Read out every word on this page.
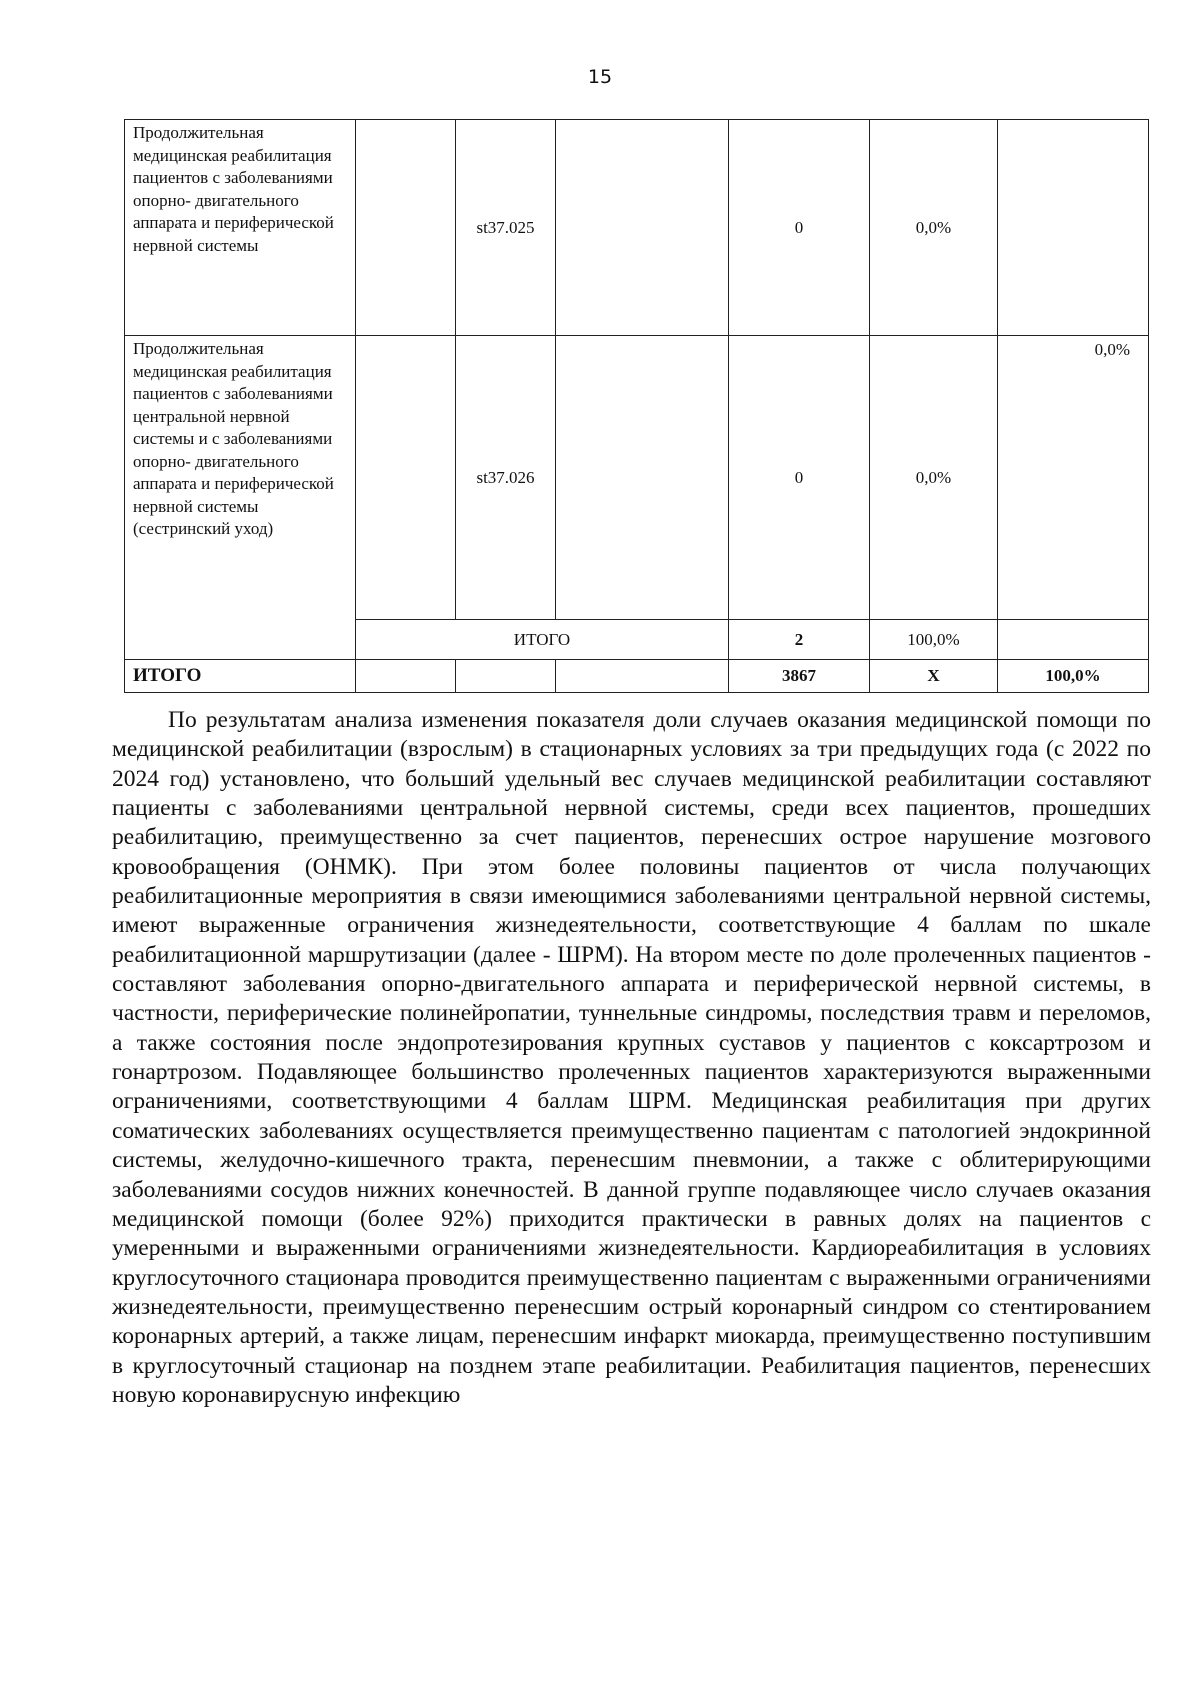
15
Продолжительная медицинская реабилитация пациентов с заболеваниями опорно- двигательного аппарата и периферической нервной системы		st37.025		0	0,0%	
Продолжительная медицинская реабилитация пациентов с заболеваниями центральной нервной системы и с заболеваниями опорно- двигательного аппарата и периферической нервной системы (сестринский уход)		st37.026		0	0,0%	0,0%
	ИТОГО			2	100,0%	
ИТОГО				3867	X	100,0%

По результатам анализа изменения показателя доли случаев оказания медицинской помощи по медицинской реабилитации (взрослым) в стационарных условиях за три предыдущих года (с 2022 по 2024 год) установлено, что больший удельный вес случаев медицинской реабилитации составляют пациенты с заболеваниями центральной нервной системы, среди всех пациентов, прошедших реабилитацию, преимущественно за счет пациентов, перенесших острое нарушение мозгового кровообращения (ОНМК). При этом более половины пациентов от числа получающих реабилитационные мероприятия в связи имеющимися заболеваниями центральной нервной системы, имеют выраженные ограничения жизнедеятельности, соответствующие 4 баллам по шкале реабилитационной маршрутизации (далее - ШРМ). На втором месте по доле пролеченных пациентов - составляют заболевания опорно-двигательного аппарата и периферической нервной системы, в частности, периферические полинейропатии, туннельные синдромы, последствия травм и переломов, а также состояния после эндопротезирования крупных суставов у пациентов с коксартрозом и гонартрозом. Подавляющее большинство пролеченных пациентов характеризуются выраженными ограничениями, соответствующими 4 баллам ШРМ. Медицинская реабилитация при других соматических заболеваниях осуществляется преимущественно пациентам с патологией эндокринной системы, желудочно-кишечного тракта, перенесшим пневмонии, а также с облитерирующими заболеваниями сосудов нижних конечностей. В данной группе подавляющее число случаев оказания медицинской помощи (более 92%) приходится практически в равных долях на пациентов с умеренными и выраженными ограничениями жизнедеятельности. Кардиореабилитация в условиях круглосуточного стационара проводится преимущественно пациентам с выраженными ограничениями жизнедеятельности, преимущественно перенесшим острый коронарный синдром со стентированием коронарных артерий, а также лицам, перенесшим инфаркт миокарда, преимущественно поступившим в круглосуточный стационар на позднем этапе реабилитации. Реабилитация пациентов, перенесших новую коронавирусную инфекцию
